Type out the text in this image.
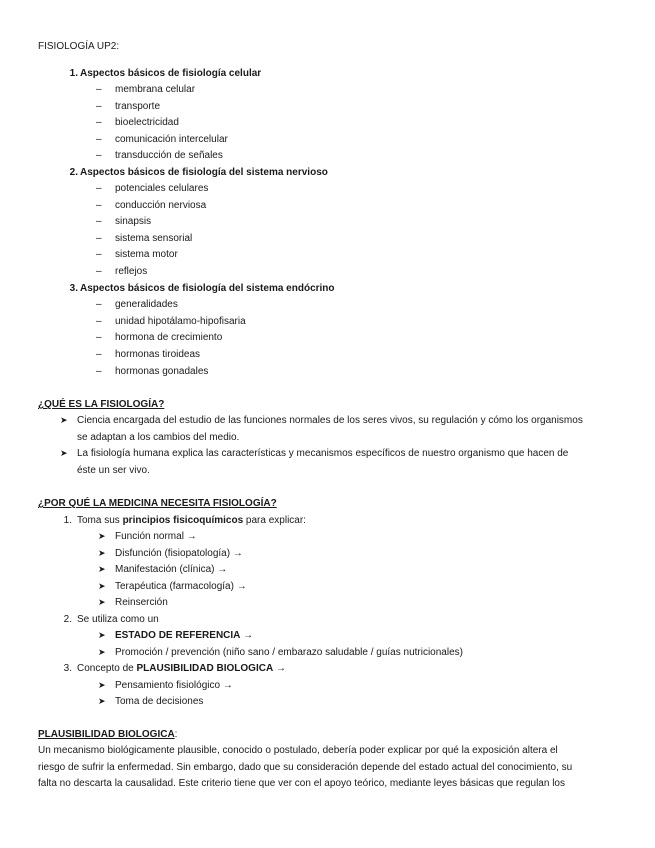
FISIOLOGÍA UP2:
1. Aspectos básicos de fisiología celular
–	membrana celular
–	transporte
–	bioelectricidad
–	comunicación intercelular
–	transducción de señales
2. Aspectos básicos de fisiología del sistema nervioso
–	potenciales celulares
–	conducción nerviosa
–	sinapsis
–	sistema sensorial
–	sistema motor
–	reflejos
3. Aspectos básicos de fisiología del sistema endócrino
–	generalidades
–	unidad hipotálamo-hipofisaria
–	hormona de crecimiento
–	hormonas tiroideas
–	hormonas gonadales
¿QUÉ ES LA FISIOLOGÍA?
➤ Ciencia encargada del estudio de las funciones normales de los seres vivos, su regulación y cómo los organismos
se adaptan a los cambios del medio.
➤ La fisiología humana explica las características y mecanismos específicos de nuestro organismo que hacen de
éste un ser vivo.
¿POR QUÉ LA MEDICINA NECESITA FISIOLOGÍA?
1. Toma sus principios fisicoquímicos para explicar:
➤ Función normal →
➤ Disfunción (fisiopatología) →
➤ Manifestación (clínica) →
➤ Terapéutica (farmacología) →
➤ Reinserción
2. Se utiliza como un
➤ ESTADO DE REFERENCIA →
➤ Promoción / prevención (niño sano / embarazo saludable / guías nutricionales)
3. Concepto de PLAUSIBILIDAD BIOLOGICA →
➤ Pensamiento fisiológico →
➤ Toma de decisiones
PLAUSIBILIDAD BIOLOGICA:
Un mecanismo biológicamente plausible, conocido o postulado, debería poder explicar por qué la exposición altera el
riesgo de sufrir la enfermedad. Sin embargo, dado que su consideración depende del estado actual del conocimiento, su
falta no descarta la causalidad. Este criterio tiene que ver con el apoyo teórico, mediante leyes básicas que regulan los
